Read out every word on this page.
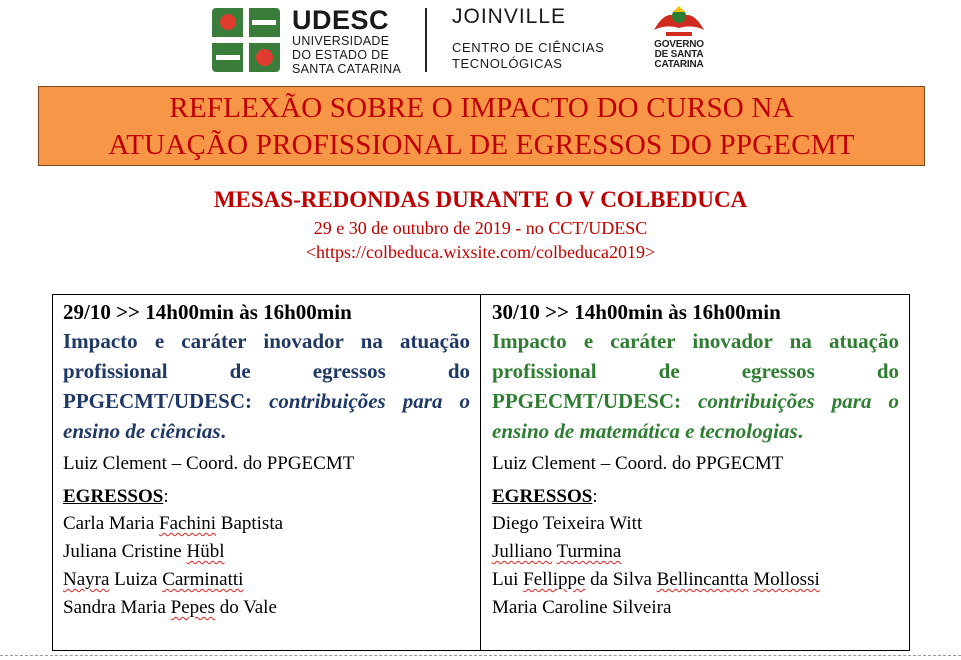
UDESC
UNIVERSIDADE
DO ESTADO DE
SANTA CATARINA
JOINVILLE
CENTRO DE CIÊNCIAS
TECNOLÓGICAS
GOVERNO
DE SANTA
CATARINA
REFLEXÃO SOBRE O IMPACTO DO CURSO NA
ATUAÇÃO PROFISSIONAL DE EGRESSOS DO PPGECMT
MESAS-REDONDAS DURANTE O V COLBEDUCA
29 e 30 de outubro de 2019 - no CCT/UDESC
<https://colbeduca.wixsite.com/colbeduca2019>
29/10 >> 14h00min às 16h00min
Impacto e caráter inovador na atuação profissional de egressos do PPGECMT/UDESC: contribuições para o ensino de ciências.
Luiz Clement – Coord. do PPGECMT
EGRESSOS:
Carla Maria Fachini Baptista
Juliana Cristine Hübl
Nayra Luiza Carminatti
Sandra Maria Pepes do Vale
30/10 >> 14h00min às 16h00min
Impacto e caráter inovador na atuação profissional de egressos do PPGECMT/UDESC: contribuições para o ensino de matemática e tecnologias.
Luiz Clement – Coord. do PPGECMT
EGRESSOS:
Diego Teixeira Witt
Julliano Turmina
Lui Fellippe da Silva Bellincantta Mollossi
Maria Caroline Silveira
